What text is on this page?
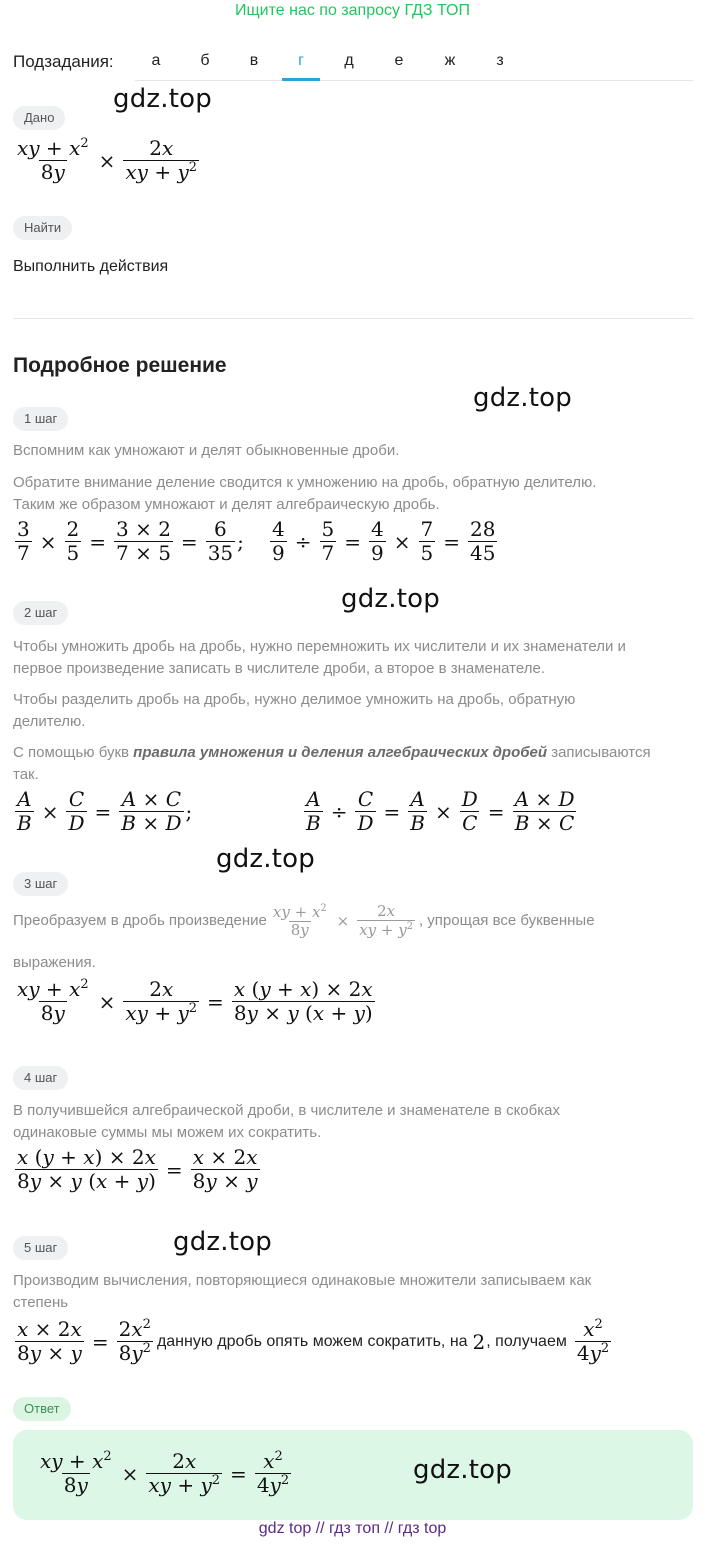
Ищите нас по запросу ГДЗ ТОП
Подзадания:	а	б	в	г	д	е	ж	з
gdz.top
gdz.top
gdz.top
gdz.top
gdz.top
Дано
$\frac{xy + x^2}{8y} \times \frac{2x}{xy + y^2}$
Найти
Выполнить действия
Подробное решение
1 шаг
Вспомним как умножают и делят обыкновенные дроби.
Обратите внимание деление сводится к умножению на дробь, обратную делителю.
Таким же образом умножают и делят алгебраическую дробь.
$\frac{3}{7} \times \frac{2}{5} = \frac{3 \times 2}{7 \times 5} = \frac{6}{35}$ ; $\frac{4}{9} \div \frac{5}{7} = \frac{4}{9} \times \frac{7}{5} = \frac{28}{45}$
2 шаг
Чтобы умножить дробь на дробь, нужно перемножить их числители и их знаменатели и
первое произведение записать в числителе дроби, а второе в знаменателе.
Чтобы разделить дробь на дробь, нужно делимое умножить на дробь, обратную
делителю.
С помощью букв правила умножения и деления алгебраических дробей записываются
так.
$\frac{A}{B} \times \frac{C}{D} = \frac{A \times C}{B \times D}$ ;	$\frac{A}{B} \div \frac{C}{D} = \frac{A}{B} \times \frac{D}{C} = \frac{A \times D}{B \times C}$
3 шаг
Преобразуем в дробь произведение $\frac{xy + x^2}{8y} \times \frac{2x}{xy + y^2}$ , упрощая все буквенные
выражения.
$\frac{xy + x^2}{8y} \times \frac{2x}{xy + y^2} = \frac{x (y + x) \times 2x}{8y \times y (x + y)}$
4 шаг
В получившейся алгебраической дроби, в числителе и знаменателе в скобках
одинаковые суммы мы можем их сократить.
$\frac{x (y + x) \times 2x}{8y \times y (x + y)} = \frac{x \times 2x}{8y \times y}$
5 шаг
Производим вычисления, повторяющиеся одинаковые множители записываем как
степень
$\frac{x \times 2x}{8y \times y} = \frac{2x^2}{8y^2}$ данную дробь опять можем сократить, на 2 , получаем $\frac{x^2}{4y^2}$
Ответ
$\frac{xy + x^2}{8y} \times \frac{2x}{xy + y^2} = \frac{x^2}{4y^2}$	gdz.top
gdz top // гдз топ // гдз top
